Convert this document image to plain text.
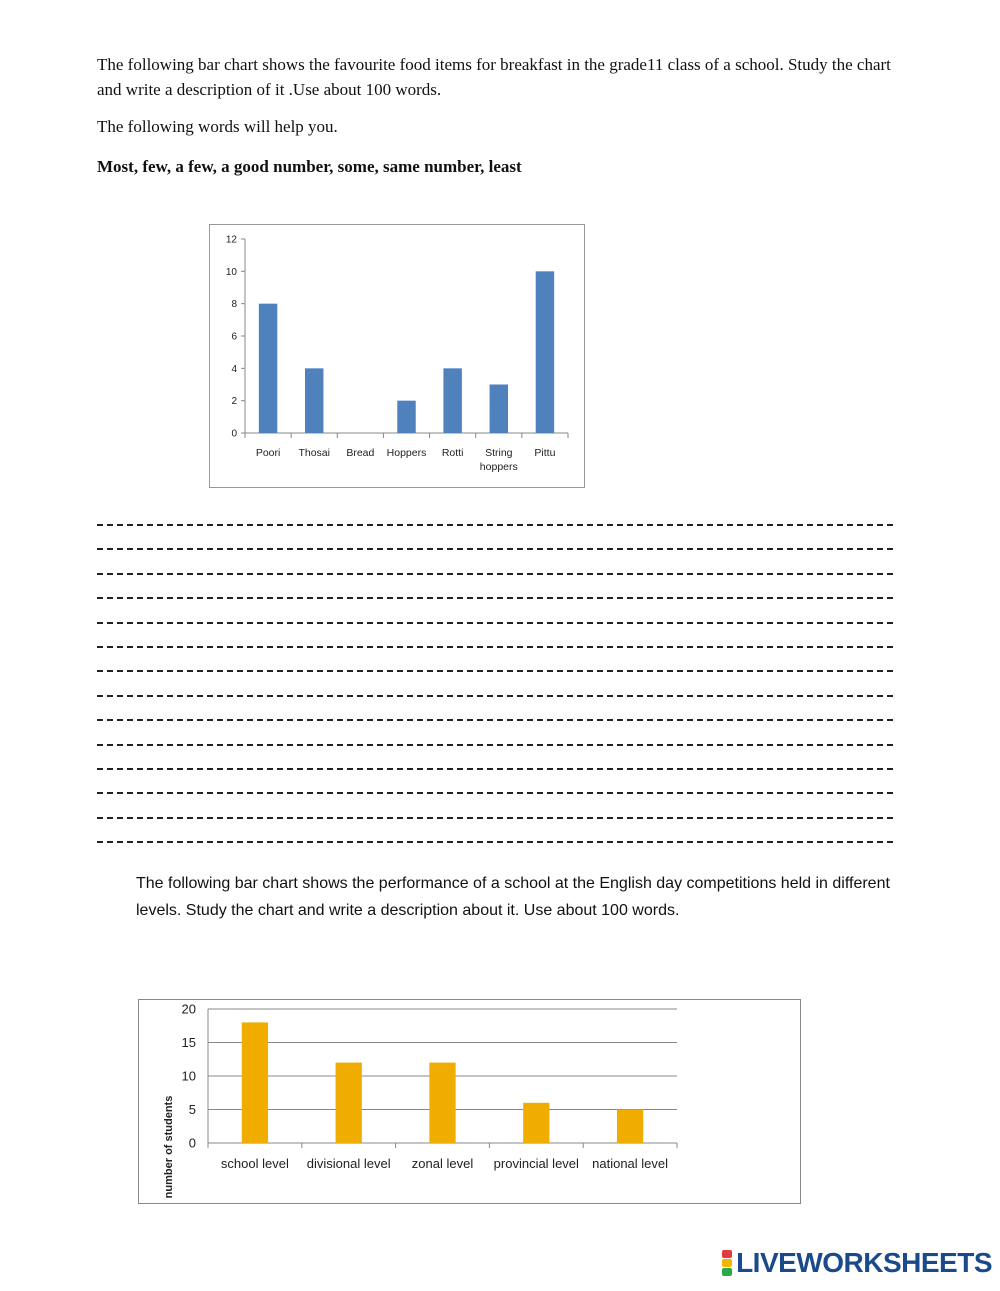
The following bar chart shows the favourite food items for breakfast in the grade11 class of a school. Study the chart and write a description of it .Use about 100 words.

The following words will help you.

Most, few, a few, a good number, some, same number, least

0
2
4
6
8
10
12
Poori Thosai Bread Hoppers Rotti	String hoppers
Pittu

The following bar chart shows the performance of a school at the English day competitions held in different levels. Study the chart and write a description about it. Use about 100 words.

0
5
10
15
20
school level divisional level zonal level provincial level national level
number of students
LIVEWORKSHEETS
